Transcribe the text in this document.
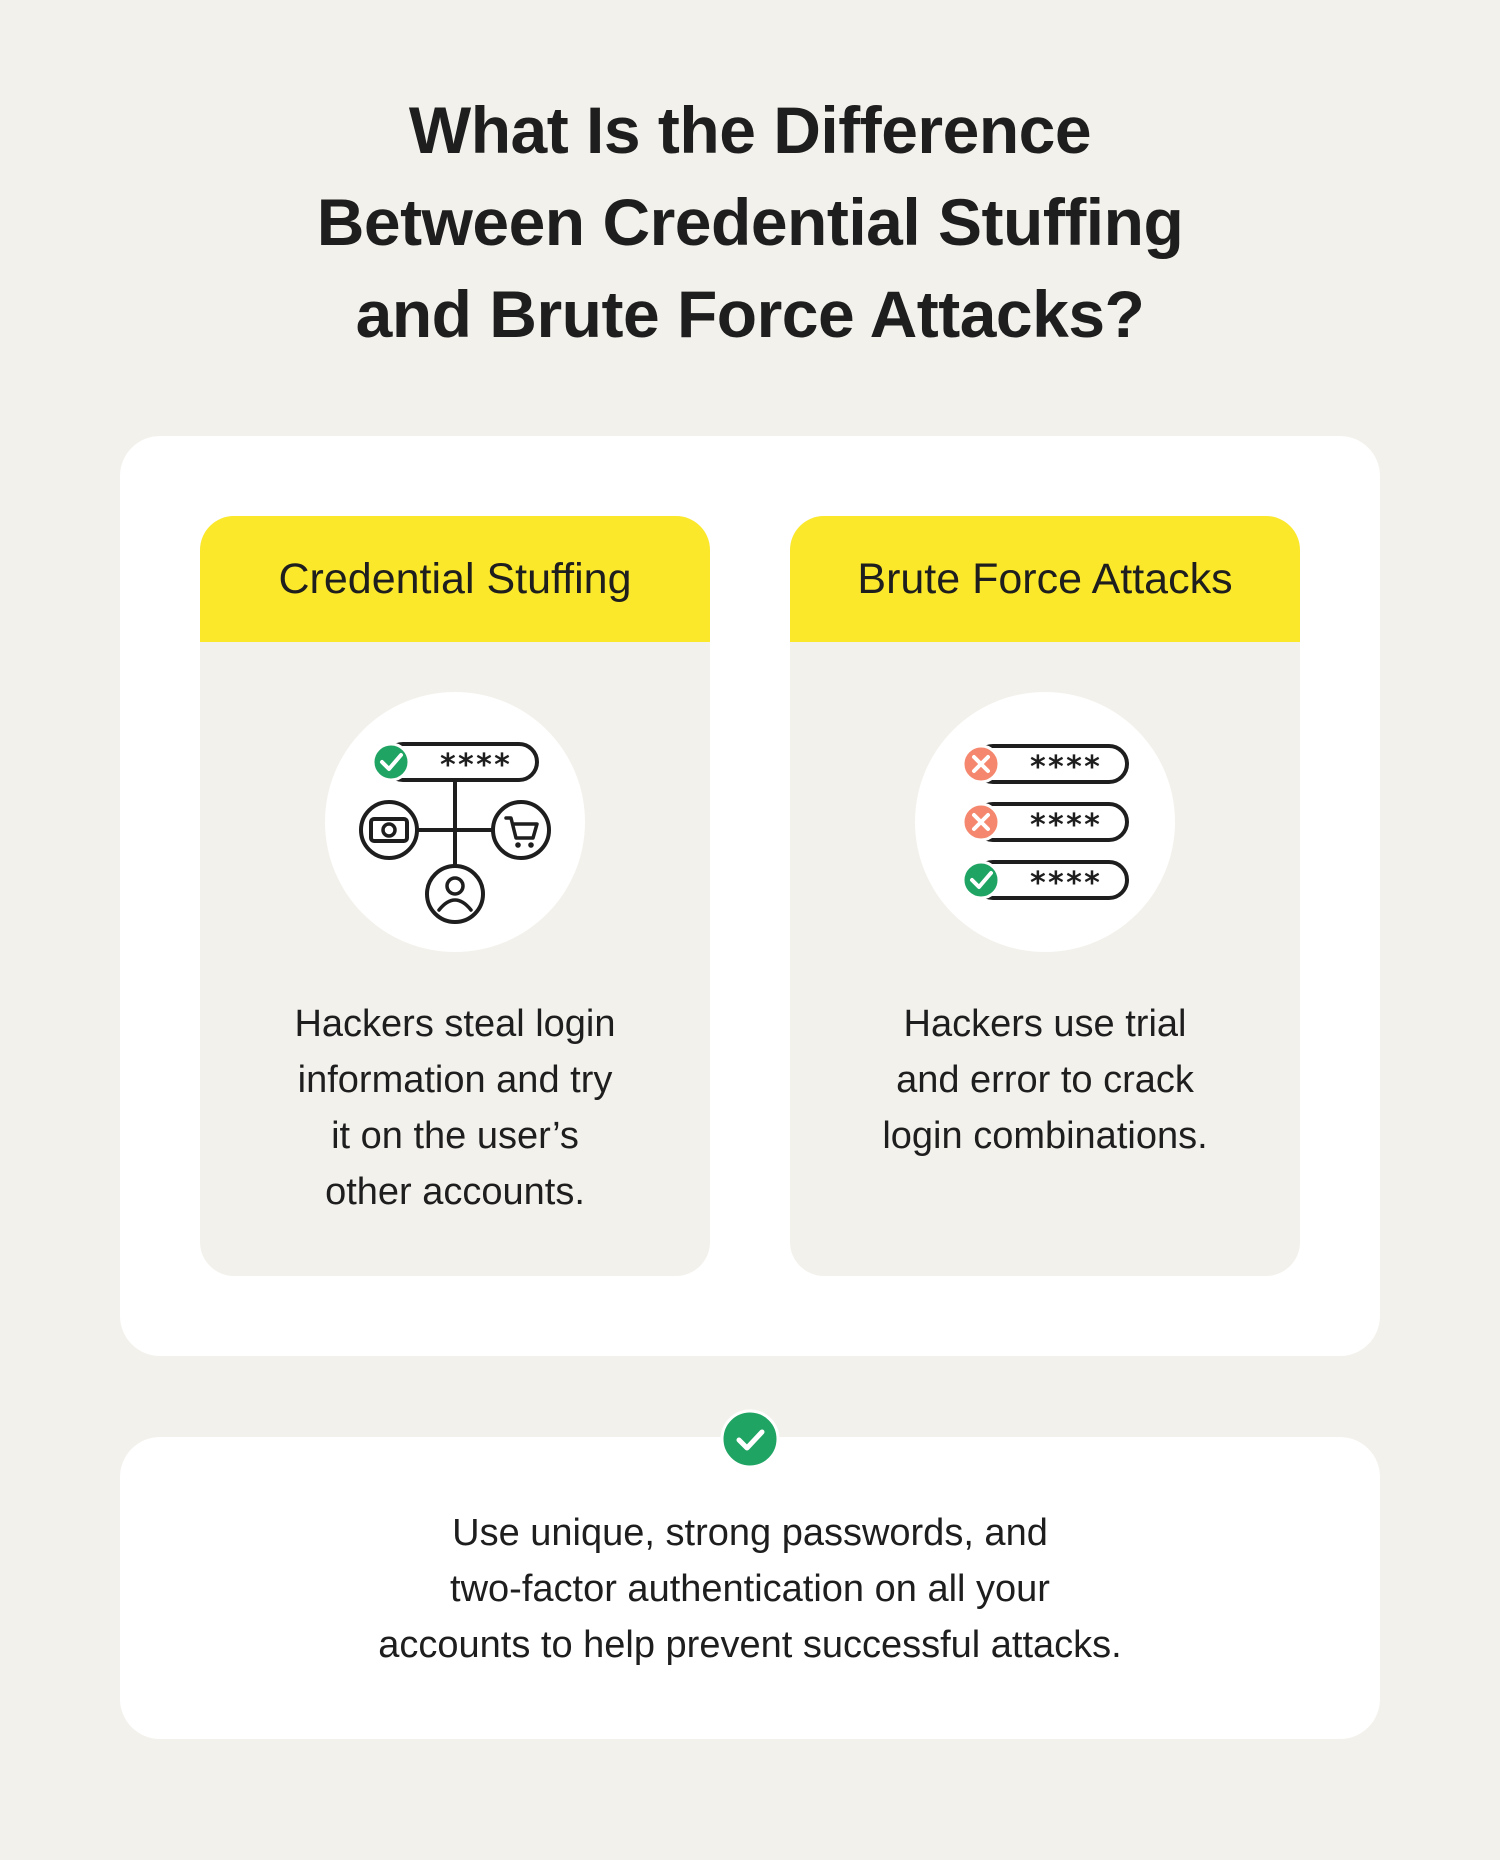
What Is the Difference
Between Credential Stuffing
and Brute Force Attacks?
Credential Stuffing
****
Hackers steal login
information and try
it on the user’s
other accounts.
Brute Force Attacks
****
****
****
Hackers use trial
and error to crack
login combinations.
Use unique, strong passwords, and
two-factor authentication on all your
accounts to help prevent successful attacks.
